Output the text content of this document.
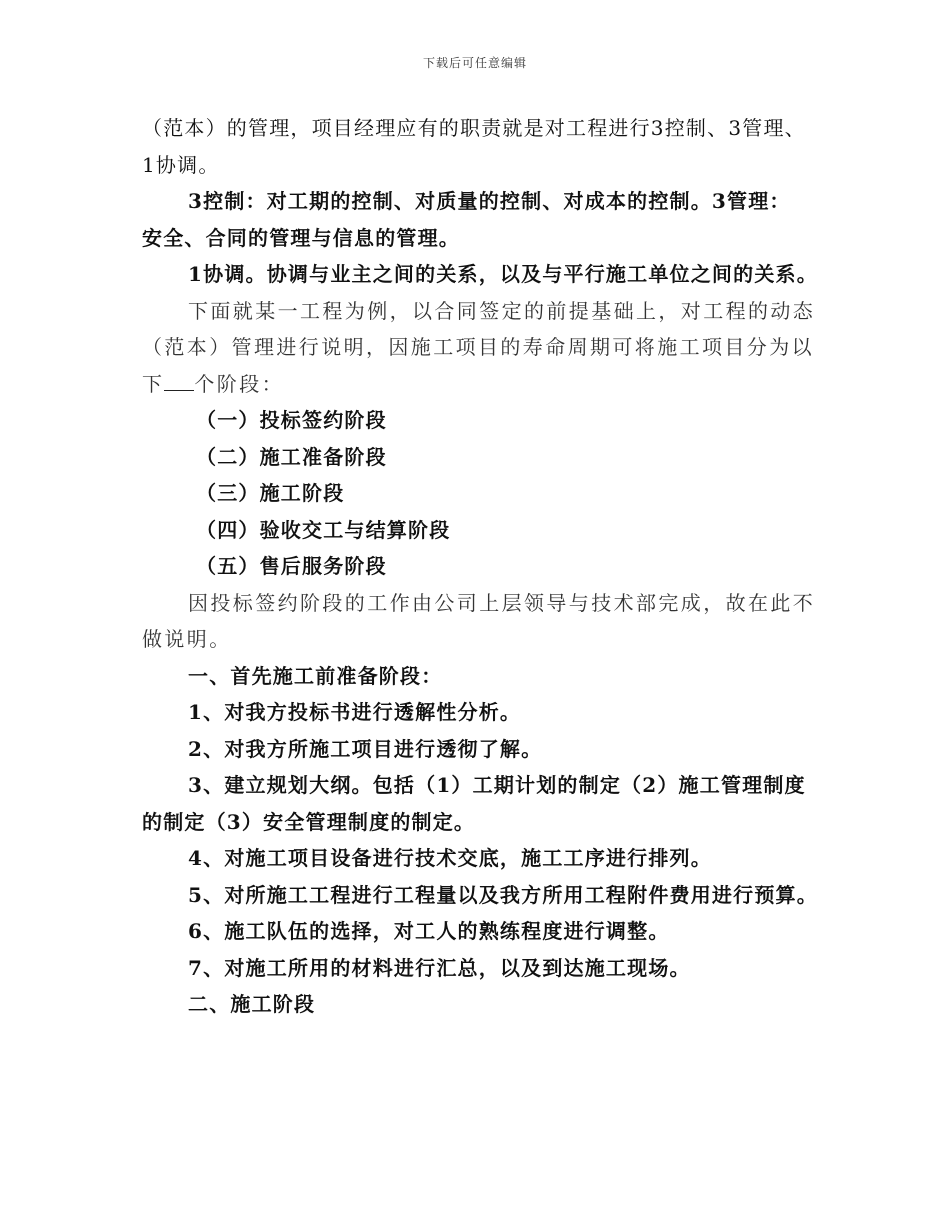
下载后可任意编辑

（范本）的管理，项目经理应有的职责就是对工程进行3控制、3管理、

1协调。

3控制：对工期的控制、对质量的控制、对成本的控制。3管理：

安全、合同的管理与信息的管理。

1协调。协调与业主之间的关系，以及与平行施工单位之间的关系。

下面就某一工程为例，以合同签定的前提基础上，对工程的动态

（范本）管理进行说明，因施工项目的寿命周期可将施工项目分为以

下 个阶段：

（一）投标签约阶段

（二）施工准备阶段

（三）施工阶段

（四）验收交工与结算阶段

（五）售后服务阶段

因投标签约阶段的工作由公司上层领导与技术部完成，故在此不

做说明。

一、首先施工前准备阶段：

1、对我方投标书进行透解性分析。

2、对我方所施工项目进行透彻了解。

3、建立规划大纲。包括（1）工期计划的制定（2）施工管理制度

的制定（3）安全管理制度的制定。

4、对施工项目设备进行技术交底，施工工序进行排列。

5、对所施工工程进行工程量以及我方所用工程附件费用进行预算。

6、施工队伍的选择，对工人的熟练程度进行调整。

7、对施工所用的材料进行汇总，以及到达施工现场。

二、施工阶段
